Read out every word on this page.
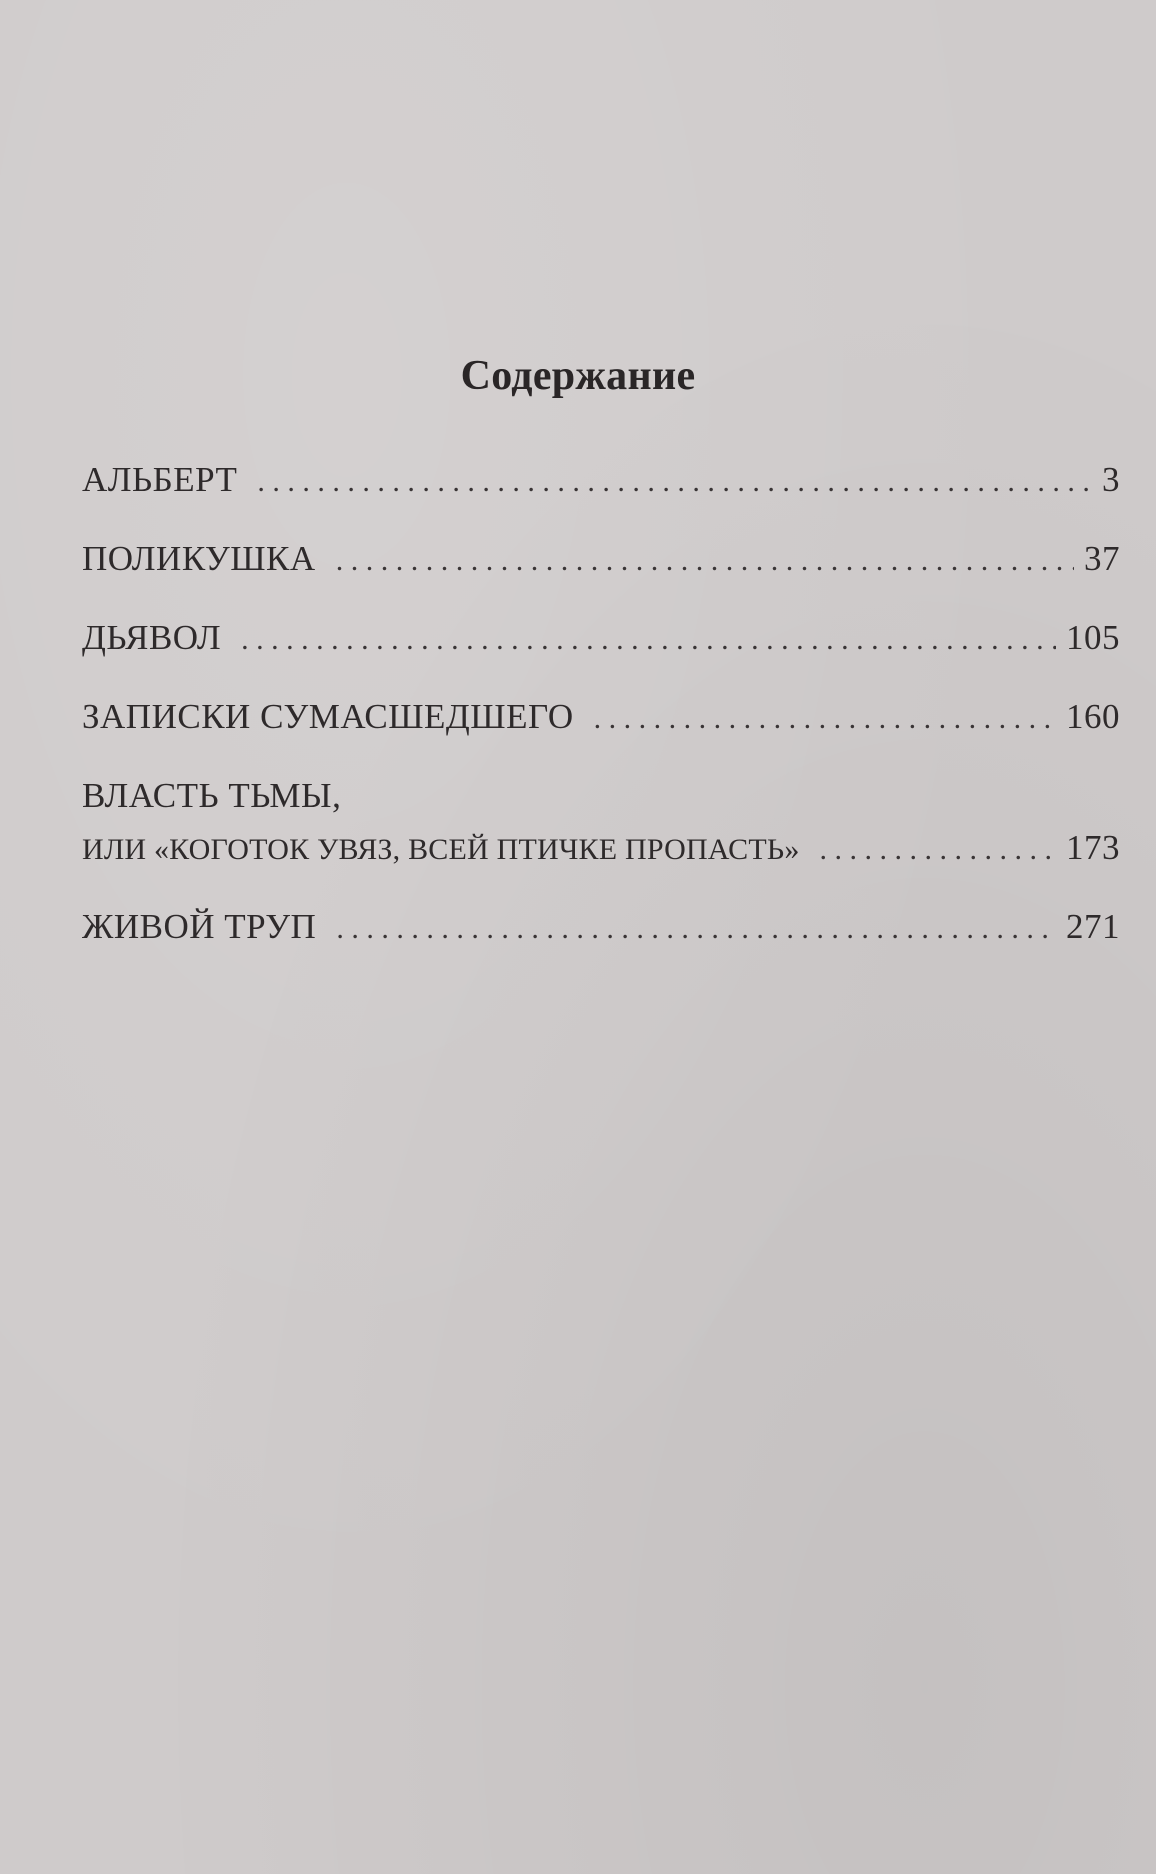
Содержание
АЛЬБЕРТ . . .	3
ПОЛИКУШКА . . .	37
ДЬЯВОЛ . . .	105
ЗАПИСКИ СУМАСШЕДШЕГО . . .	160
ВЛАСТЬ ТЬМЫ,
ИЛИ «КОГОТОК УВЯЗ, ВСЕЙ ПТИЧКЕ ПРОПАСТЬ» . . .	173
ЖИВОЙ ТРУП . . .	271
